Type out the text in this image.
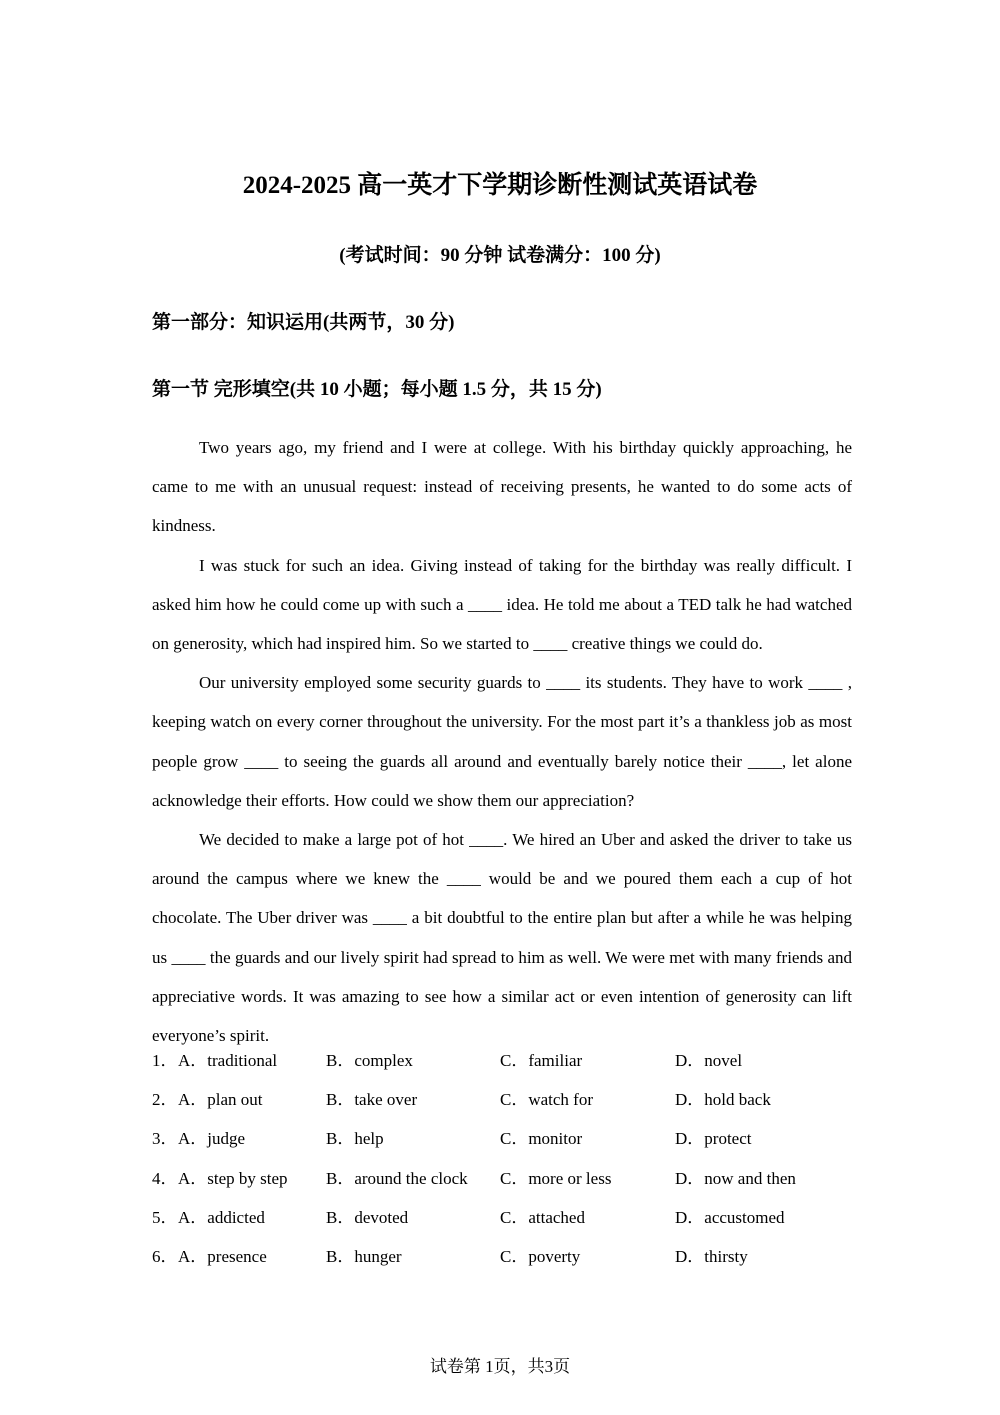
2024-2025 高一英才下学期诊断性测试英语试卷
(考试时间：90 分钟 试卷满分：100 分)
第一部分：知识运用(共两节，30 分)
第一节 完形填空(共 10 小题；每小题 1.5 分，共 15 分)

Two years ago, my friend and I were at college. With his birthday quickly approaching, he came to me with an unusual request: instead of receiving presents, he wanted to do some acts of kindness.

I was stuck for such an idea. Giving instead of taking for the birthday was really difficult. I asked him how he could come up with such a ____ idea. He told me about a TED talk he had watched on generosity, which had inspired him. So we started to ____ creative things we could do.

Our university employed some security guards to ____ its students. They have to work ____ , keeping watch on every corner throughout the university. For the most part it’s a thankless job as most people grow ____ to seeing the guards all around and eventually barely notice their ____, let alone acknowledge their efforts. How could we show them our appreciation?

We decided to make a large pot of hot ____. We hired an Uber and asked the driver to take us around the campus where we knew the ____ would be and we poured them each a cup of hot chocolate. The Uber driver was ____ a bit doubtful to the entire plan but after a while he was helping us ____ the guards and our lively spirit had spread to him as well. We were met with many friends and appreciative words. It was amazing to see how a similar act or even intention of generosity can lift everyone’s spirit.

1． A．traditional	B．complex	C．familiar	D．novel
2． A．plan out	B．take over	C．watch for	D．hold back
3． A．judge	B．help	C．monitor	D．protect
4． A．step by step B．around the clock C．more or less	D．now and then
5． A．addicted	B．devoted	C．attached	D．accustomed
6． A．presence	B．hunger	C．poverty	D．thirsty
试卷第 1页，共3页
